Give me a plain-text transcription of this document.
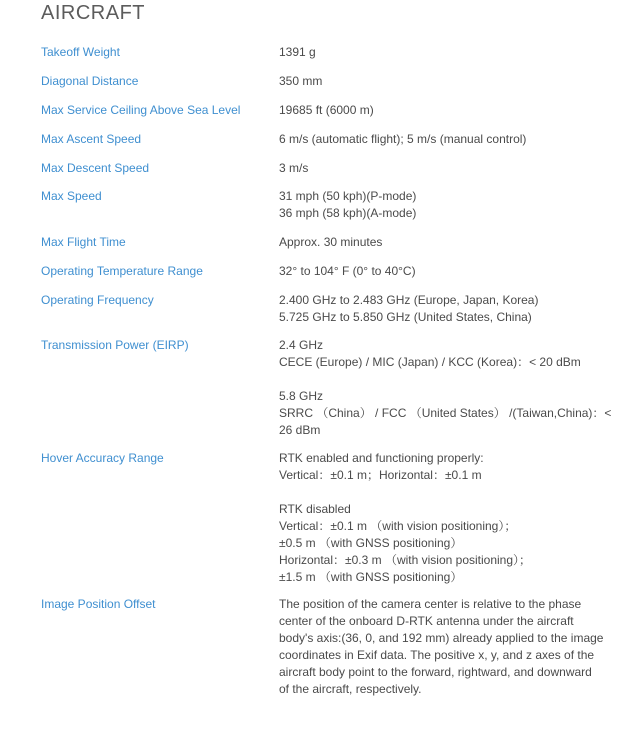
AIRCRAFT
Takeoff Weight	1391 g
Diagonal Distance	350 mm
Max Service Ceiling Above Sea Level	19685 ft (6000 m)
Max Ascent Speed	6 m/s (automatic flight); 5 m/s (manual control)
Max Descent Speed	3 m/s
Max Speed	31 mph (50 kph)(P-mode)
36 mph (58 kph)(A-mode)
Max Flight Time	Approx. 30 minutes
Operating Temperature Range	32° to 104° F (0° to 40°C)
Operating Frequency	2.400 GHz to 2.483 GHz (Europe, Japan, Korea)
5.725 GHz to 5.850 GHz (United States, China)
Transmission Power (EIRP)	2.4 GHz
CECE (Europe) / MIC (Japan) / KCC (Korea)：< 20 dBm
5.8 GHz
SRRC （China） / FCC （United States） /(Taiwan,China)：<
26 dBm
Hover Accuracy Range	RTK enabled and functioning properly:
Vertical：±0.1 m；Horizontal：±0.1 m
RTK disabled
Vertical：±0.1 m （with vision positioning）；
±0.5 m （with GNSS positioning）
Horizontal：±0.3 m （with vision positioning）；
±1.5 m （with GNSS positioning）
Image Position Offset	The position of the camera center is relative to the phase
center of the onboard D-RTK antenna under the aircraft
body's axis:(36, 0, and 192 mm) already applied to the image
coordinates in Exif data. The positive x, y, and z axes of the
aircraft body point to the forward, rightward, and downward
of the aircraft, respectively.
